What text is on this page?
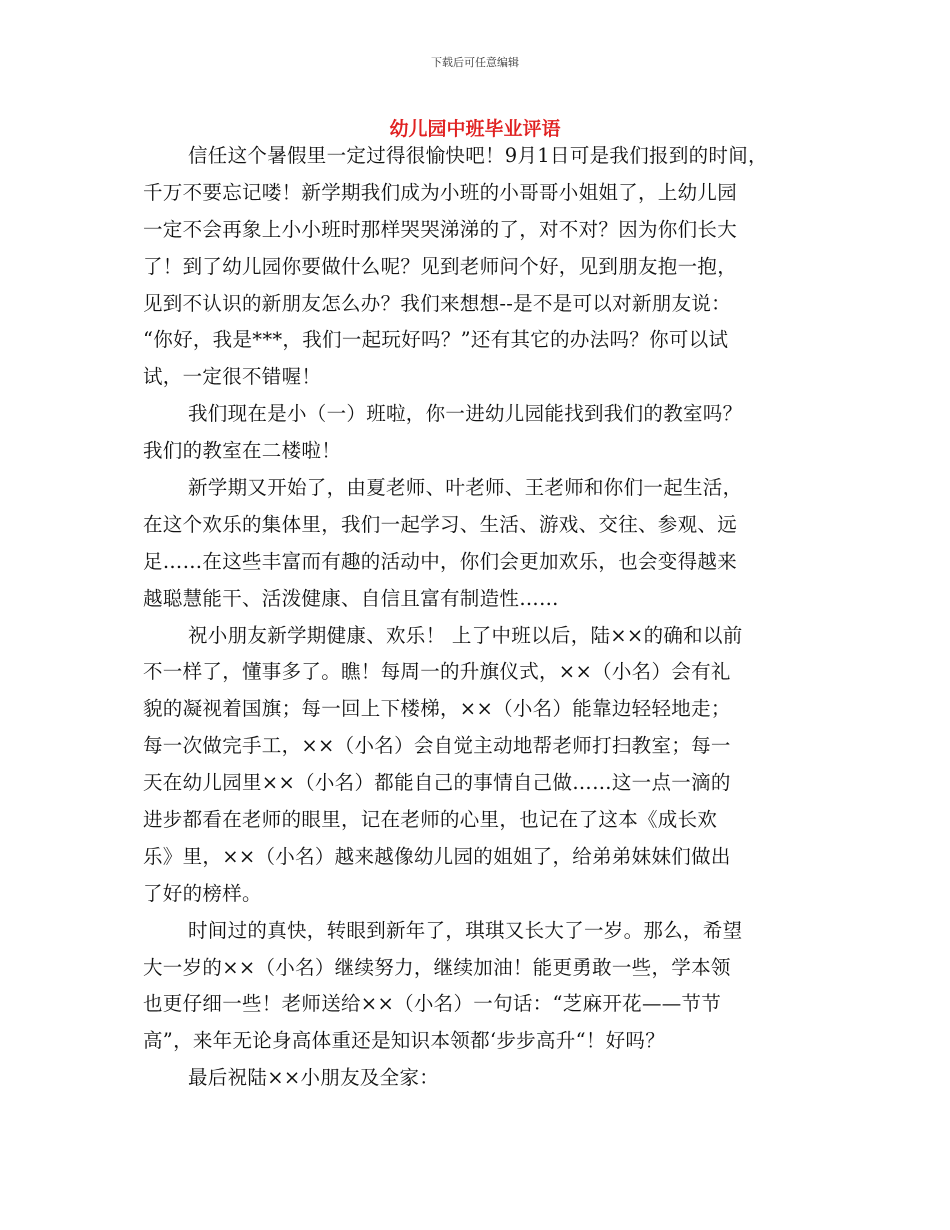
下载后可任意编辑
幼儿园中班毕业评语
信任这个暑假里一定过得很愉快吧！9月1日可是我们报到的时间，
千万不要忘记喽！新学期我们成为小班的小哥哥小姐姐了，上幼儿园
一定不会再象上小小班时那样哭哭涕涕的了，对不对？因为你们长大
了！到了幼儿园你要做什么呢？见到老师问个好，见到朋友抱一抱，
见到不认识的新朋友怎么办？我们来想想--是不是可以对新朋友说：
“你好，我是***，我们一起玩好吗？”还有其它的办法吗？你可以试
试，一定很不错喔！
我们现在是小（一）班啦，你一进幼儿园能找到我们的教室吗？
我们的教室在二楼啦！
新学期又开始了，由夏老师、叶老师、王老师和你们一起生活，
在这个欢乐的集体里，我们一起学习、生活、游戏、交往、参观、远
足……在这些丰富而有趣的活动中，你们会更加欢乐，也会变得越来
越聪慧能干、活泼健康、自信且富有制造性……
祝小朋友新学期健康、欢乐！ 上了中班以后，陆××的确和以前
不一样了，懂事多了。瞧！每周一的升旗仪式，××（小名）会有礼
貌的凝视着国旗；每一回上下楼梯，××（小名）能靠边轻轻地走；
每一次做完手工，××（小名）会自觉主动地帮老师打扫教室；每一
天在幼儿园里××（小名）都能自己的事情自己做……这一点一滴的
进步都看在老师的眼里，记在老师的心里，也记在了这本《成长欢
乐》里，××（小名）越来越像幼儿园的姐姐了，给弟弟妹妹们做出
了好的榜样。
时间过的真快，转眼到新年了，琪琪又长大了一岁。那么，希望
大一岁的××（小名）继续努力，继续加油！能更勇敢一些，学本领
也更仔细一些！老师送给××（小名）一句话：“芝麻开花——节节
高”，来年无论身高体重还是知识本领都‘步步高升“！好吗？
最后祝陆××小朋友及全家：
